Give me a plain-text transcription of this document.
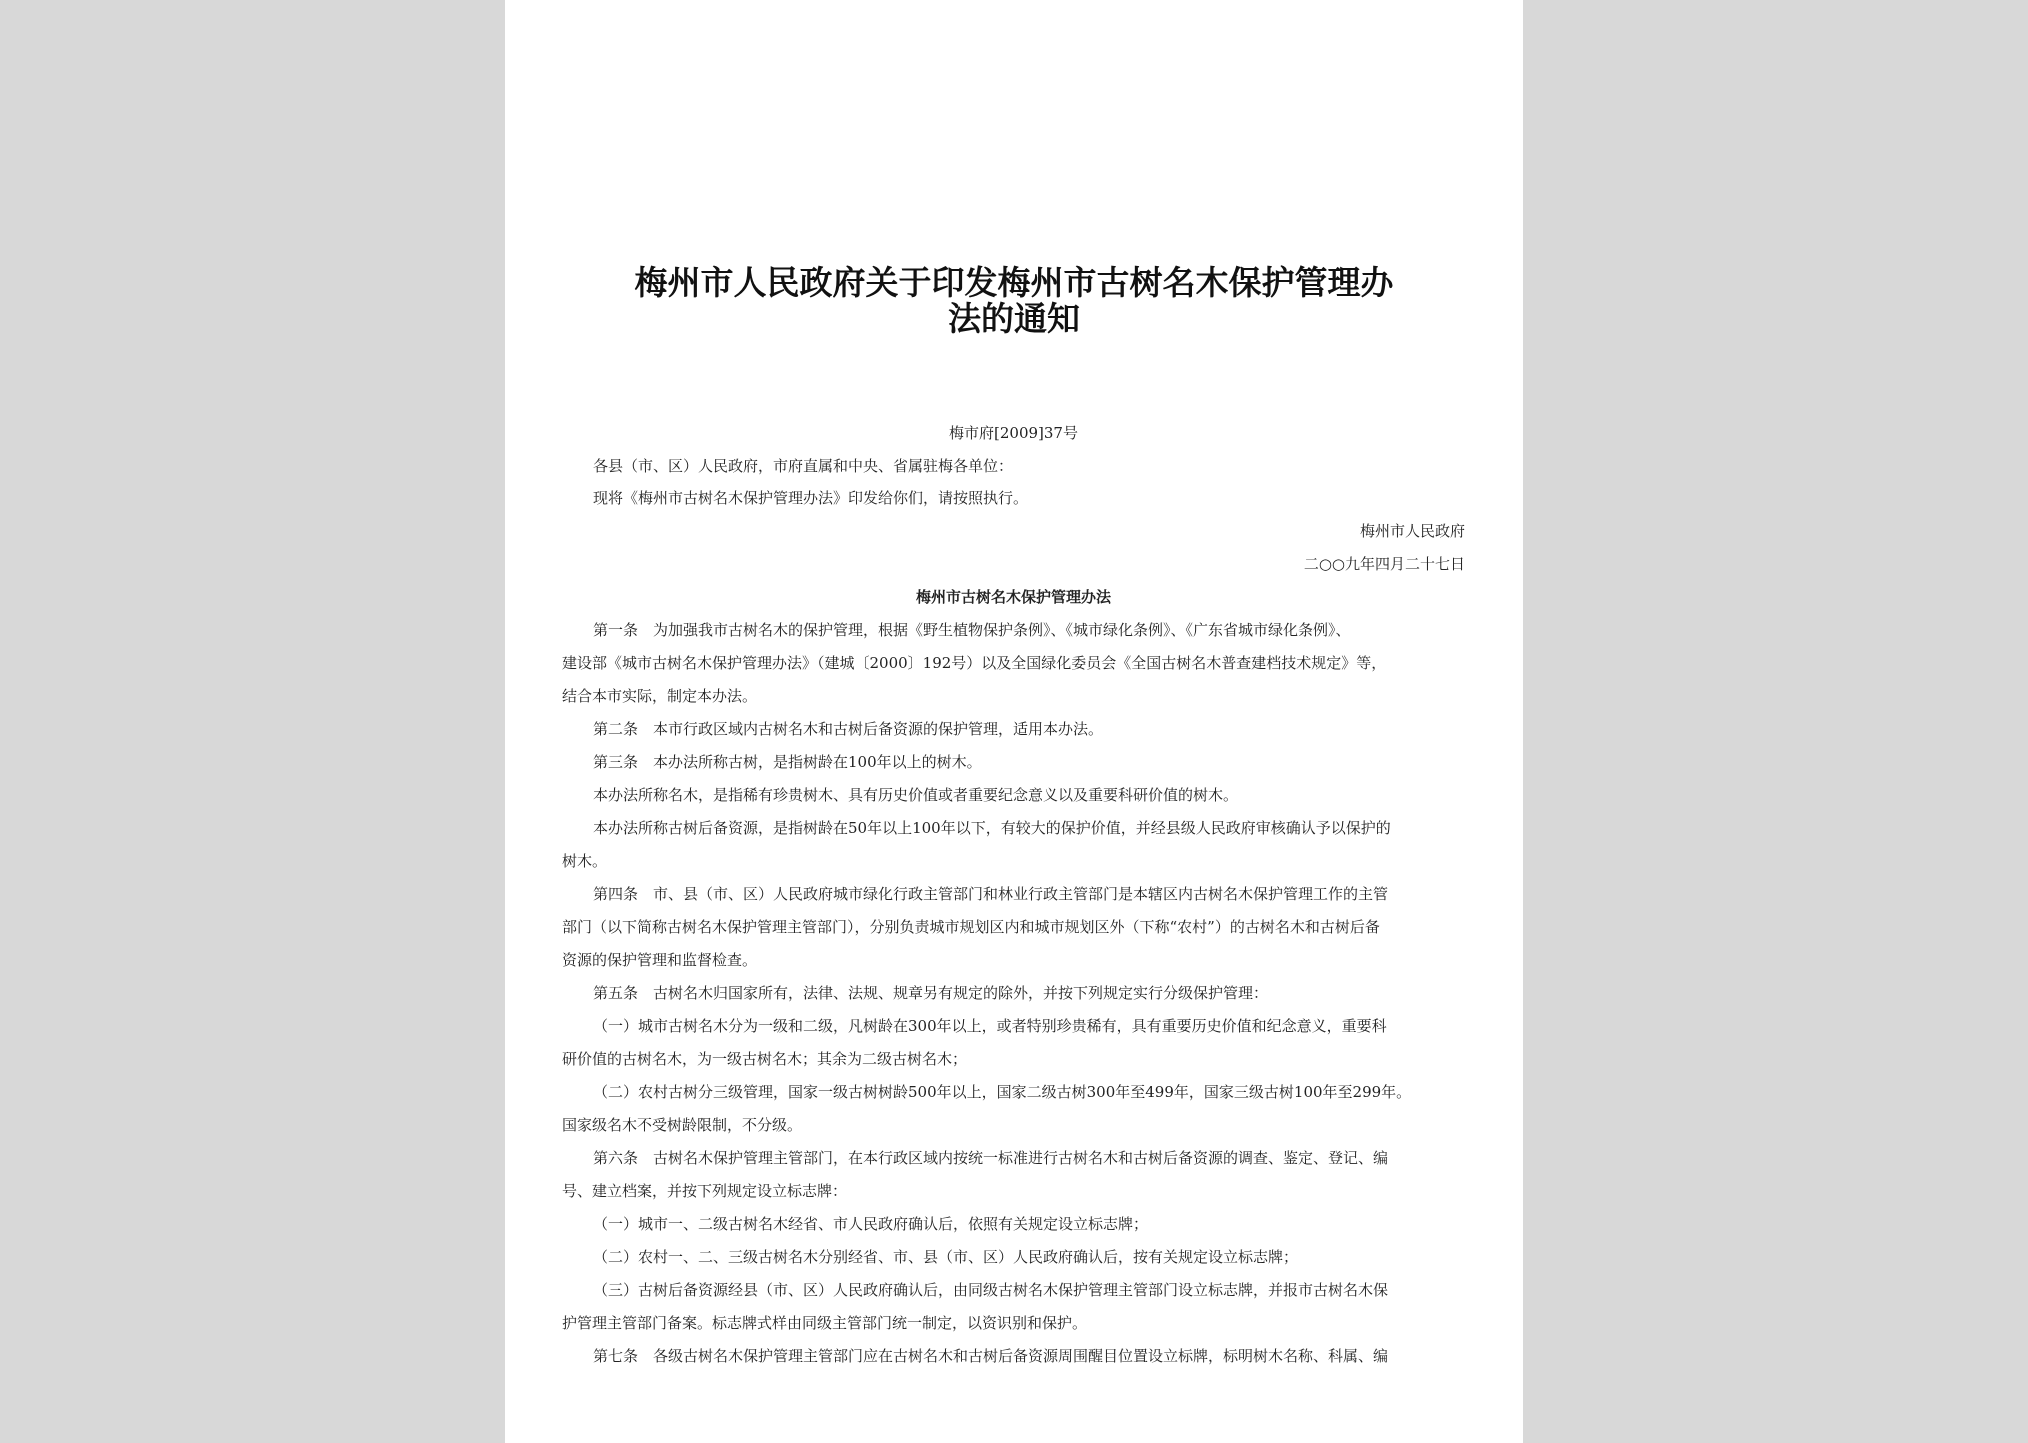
梅州市人民政府关于印发梅州市古树名木保护管理办
法的通知
梅市府[2009]37号
各县（市、区）人民政府，市府直属和中央、省属驻梅各单位：
现将《梅州市古树名木保护管理办法》印发给你们，请按照执行。
梅州市人民政府
二○○九年四月二十七日
梅州市古树名木保护管理办法
第一条　为加强我市古树名木的保护管理，根据《野生植物保护条例》、《城市绿化条例》、《广东省城市绿化条例》、
建设部《城市古树名木保护管理办法》（建城〔2000〕192号）以及全国绿化委员会《全国古树名木普查建档技术规定》等，
结合本市实际，制定本办法。
第二条　本市行政区域内古树名木和古树后备资源的保护管理，适用本办法。
第三条　本办法所称古树，是指树龄在100年以上的树木。
本办法所称名木，是指稀有珍贵树木、具有历史价值或者重要纪念意义以及重要科研价值的树木。
本办法所称古树后备资源，是指树龄在50年以上100年以下，有较大的保护价值，并经县级人民政府审核确认予以保护的
树木。
第四条　市、县（市、区）人民政府城市绿化行政主管部门和林业行政主管部门是本辖区内古树名木保护管理工作的主管
部门（以下简称古树名木保护管理主管部门），分别负责城市规划区内和城市规划区外（下称“农村”）的古树名木和古树后备
资源的保护管理和监督检查。
第五条　古树名木归国家所有，法律、法规、规章另有规定的除外，并按下列规定实行分级保护管理：
（一）城市古树名木分为一级和二级，凡树龄在300年以上，或者特别珍贵稀有，具有重要历史价值和纪念意义，重要科
研价值的古树名木，为一级古树名木；其余为二级古树名木；
（二）农村古树分三级管理，国家一级古树树龄500年以上，国家二级古树300年至499年，国家三级古树100年至299年。
国家级名木不受树龄限制，不分级。
第六条　古树名木保护管理主管部门，在本行政区域内按统一标准进行古树名木和古树后备资源的调查、鉴定、登记、编
号、建立档案，并按下列规定设立标志牌：
（一）城市一、二级古树名木经省、市人民政府确认后，依照有关规定设立标志牌；
（二）农村一、二、三级古树名木分别经省、市、县（市、区）人民政府确认后，按有关规定设立标志牌；
（三）古树后备资源经县（市、区）人民政府确认后，由同级古树名木保护管理主管部门设立标志牌，并报市古树名木保
护管理主管部门备案。标志牌式样由同级主管部门统一制定，以资识别和保护。
第七条　各级古树名木保护管理主管部门应在古树名木和古树后备资源周围醒目位置设立标牌，标明树木名称、科属、编
